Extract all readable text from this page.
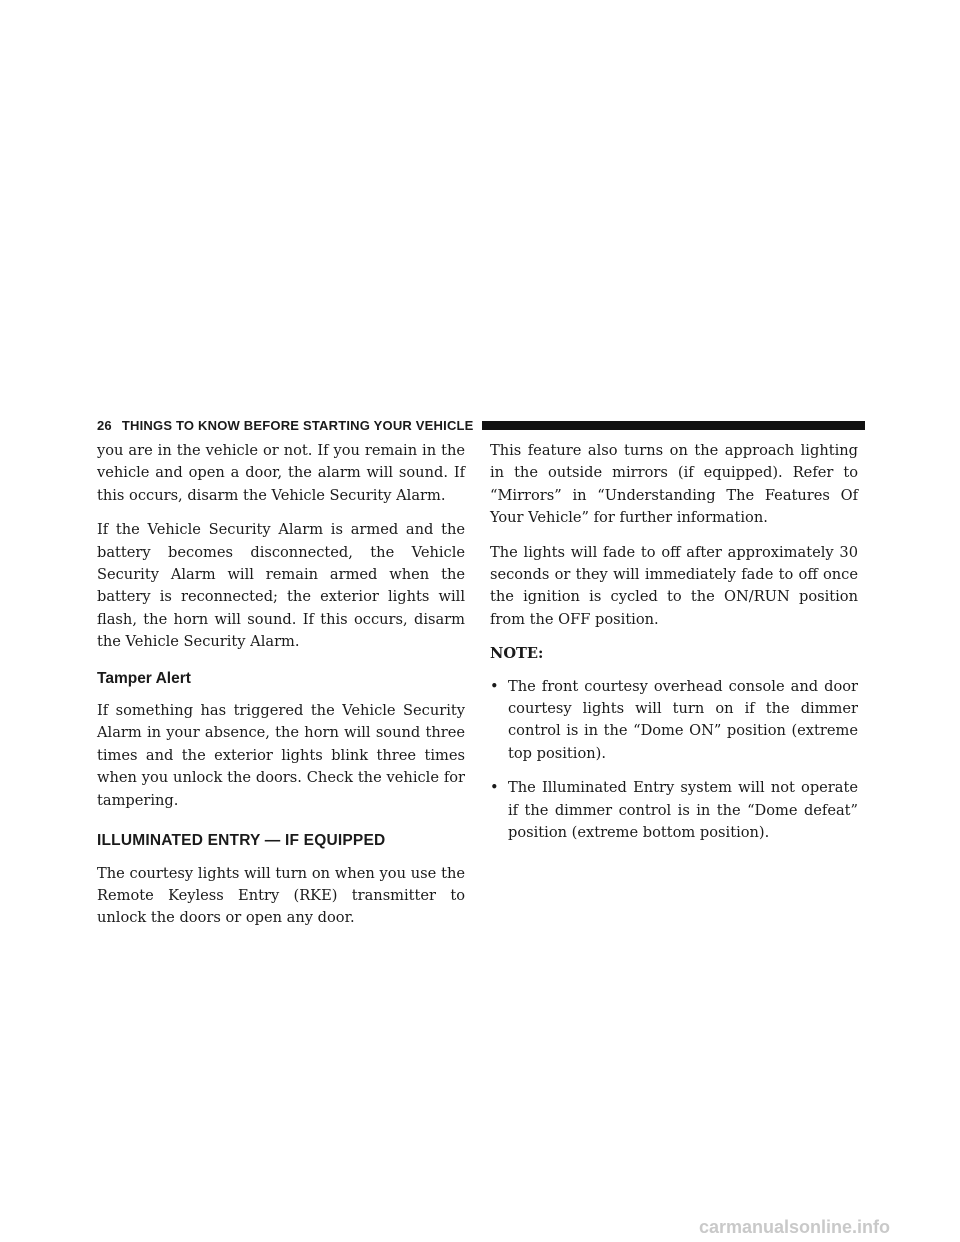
26 THINGS TO KNOW BEFORE STARTING YOUR VEHICLE

you are in the vehicle or not. If you remain in the vehicle and open a door, the alarm will sound. If this occurs, disarm the Vehicle Security Alarm.

If the Vehicle Security Alarm is armed and the battery becomes disconnected, the Vehicle Security Alarm will remain armed when the battery is reconnected; the exterior lights will flash, the horn will sound. If this occurs, disarm the Vehicle Security Alarm.

Tamper Alert

If something has triggered the Vehicle Security Alarm in your absence, the horn will sound three times and the exterior lights blink three times when you unlock the doors. Check the vehicle for tampering.

ILLUMINATED ENTRY — IF EQUIPPED

The courtesy lights will turn on when you use the Remote Keyless Entry (RKE) transmitter to unlock the doors or open any door.

This feature also turns on the approach lighting in the outside mirrors (if equipped). Refer to “Mirrors” in “Understanding The Features Of Your Vehicle” for further information.

The lights will fade to off after approximately 30 seconds or they will immediately fade to off once the ignition is cycled to the ON/RUN position from the OFF position.

NOTE:
• The front courtesy overhead console and door courtesy lights will turn on if the dimmer control is in the “Dome ON” position (extreme top position).
• The Illuminated Entry system will not operate if the dimmer control is in the “Dome defeat” position (extreme bottom position).
carmanualsonline.info
